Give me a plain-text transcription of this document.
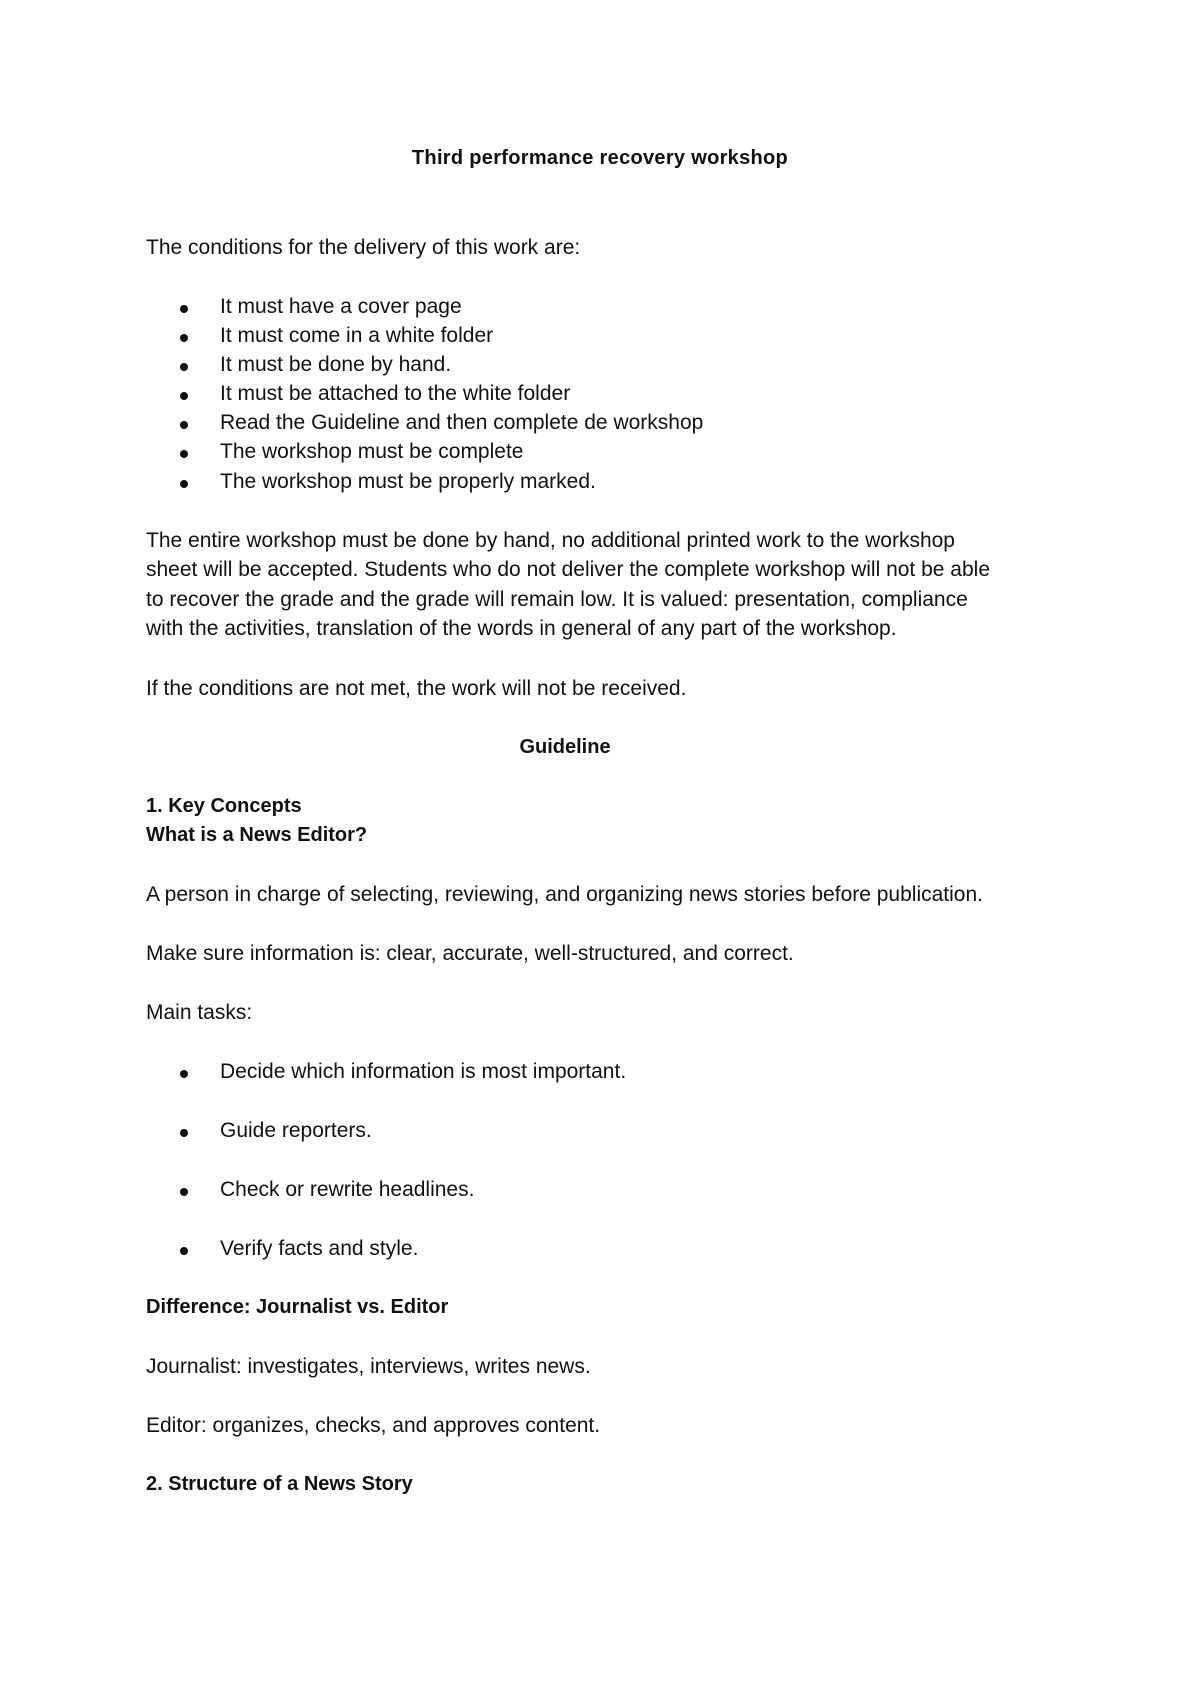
Third performance recovery workshop
The conditions for the delivery of this work are:
It must have a cover page
It must come in a white folder
It must be done by hand.
It must be attached to the white folder
Read the Guideline and then complete de workshop
The workshop must be complete
The workshop must be properly marked.
The entire workshop must be done by hand, no additional printed work to the workshop
sheet will be accepted. Students who do not deliver the complete workshop will not be able
to recover the grade and the grade will remain low. It is valued: presentation, compliance
with the activities, translation of the words in general of any part of the workshop.
If the conditions are not met, the work will not be received.
Guideline
1. Key Concepts
What is a News Editor?
A person in charge of selecting, reviewing, and organizing news stories before publication.
Make sure information is: clear, accurate, well-structured, and correct.
Main tasks:
Decide which information is most important.
Guide reporters.
Check or rewrite headlines.
Verify facts and style.
Difference: Journalist vs. Editor
Journalist: investigates, interviews, writes news.
Editor: organizes, checks, and approves content.
2. Structure of a News Story
